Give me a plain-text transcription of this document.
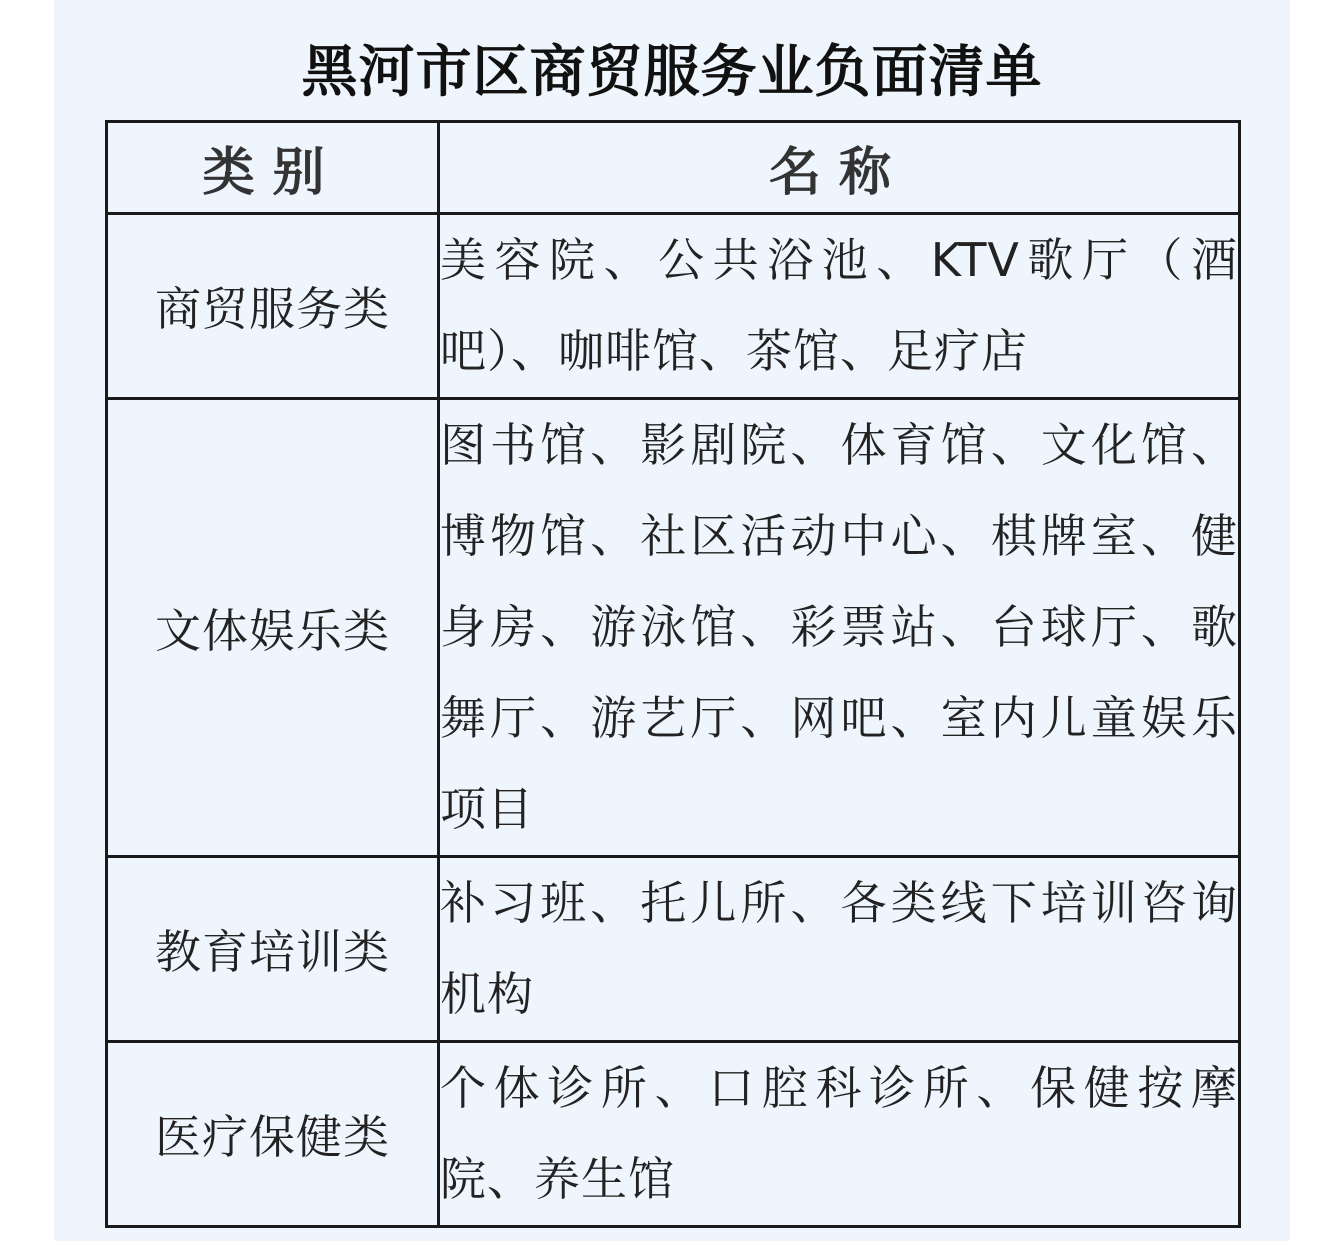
黑河市区商贸服务业负面清单
类别	名称
商贸服务类	美容院、公共浴池、KTV歌厅（酒吧）、咖啡馆、茶馆、足疗店
文体娱乐类	图书馆、影剧院、体育馆、文化馆、博物馆、社区活动中心、棋牌室、健身房、游泳馆、彩票站、台球厅、歌舞厅、游艺厅、网吧、室内儿童娱乐项目
教育培训类	补习班、托儿所、各类线下培训咨询机构
医疗保健类	个体诊所、口腔科诊所、保健按摩院、养生馆
